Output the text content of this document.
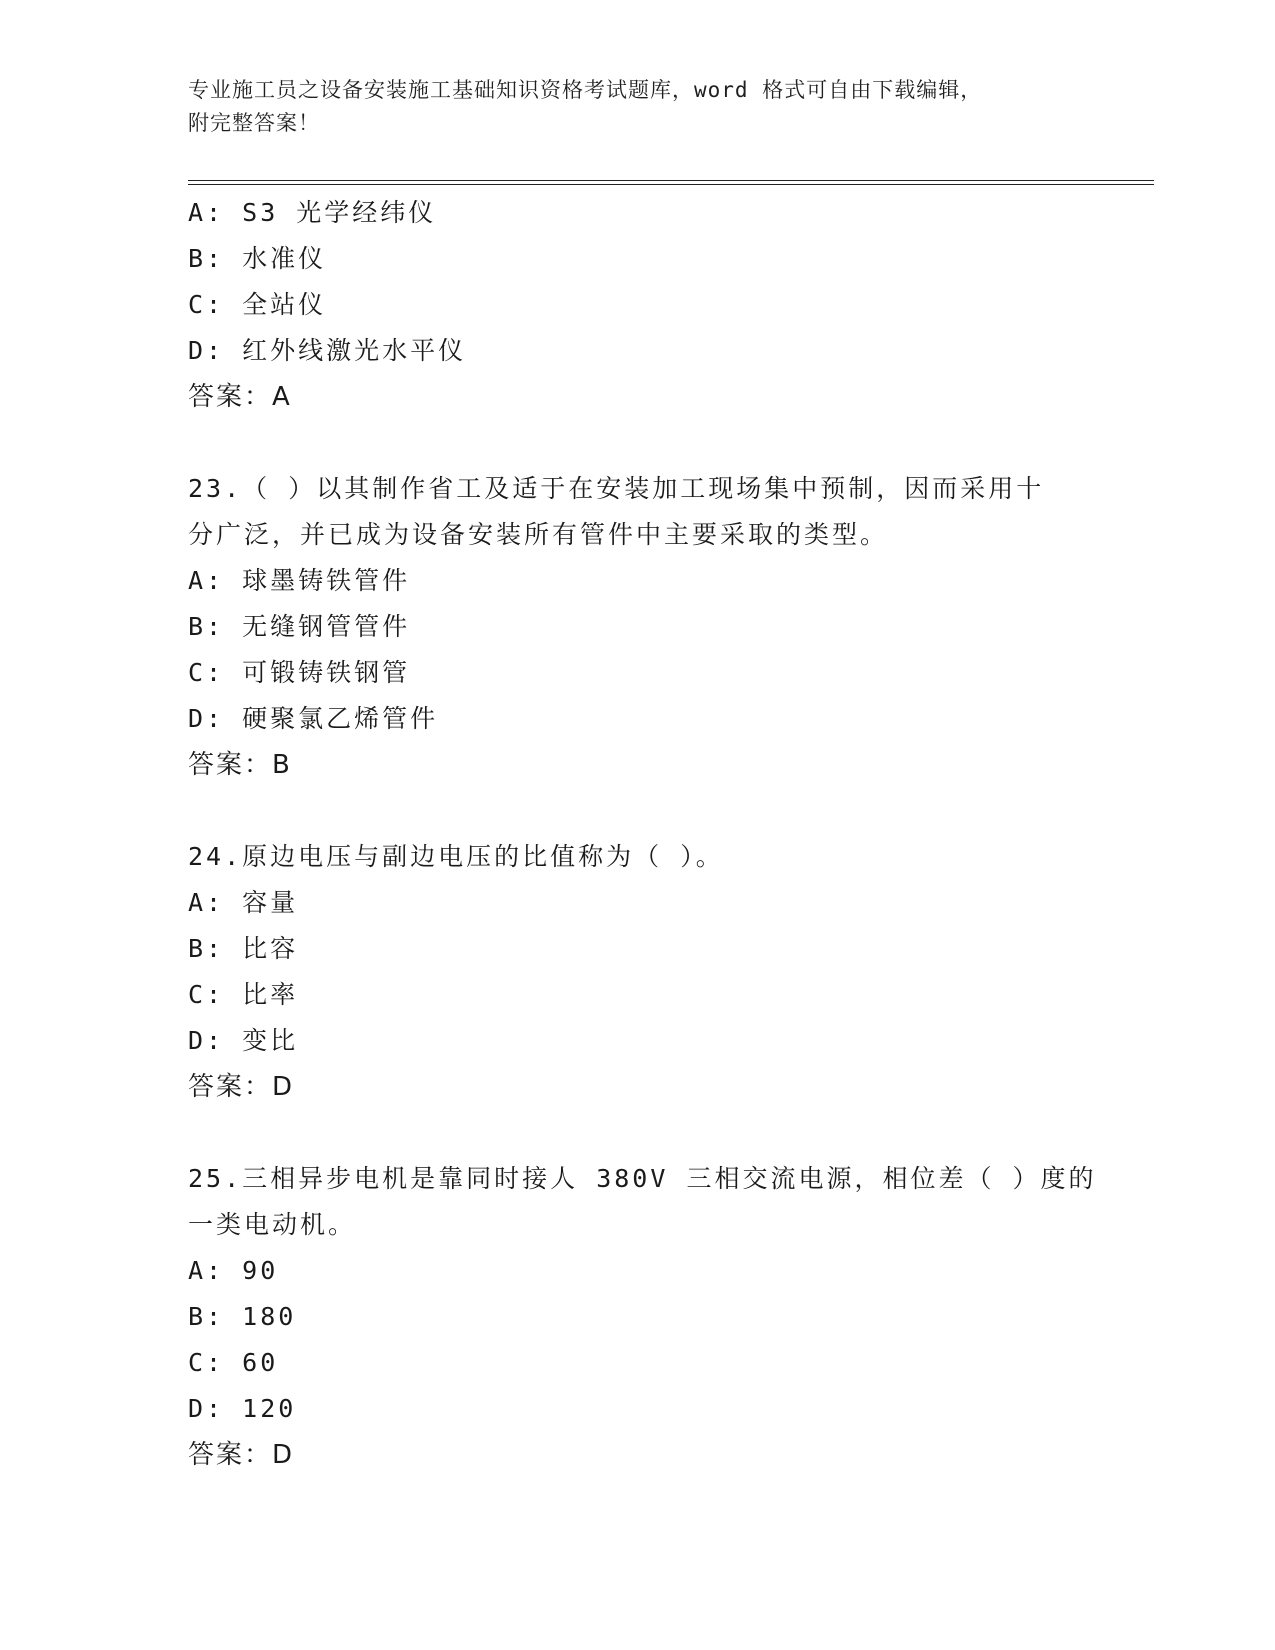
专业施工员之设备安装施工基础知识资格考试题库，word 格式可自由下载编辑，
附完整答案！
A: S3 光学经纬仪
B: 水准仪
C: 全站仪
D: 红外线激光水平仪
答案：A
23.（ ）以其制作省工及适于在安装加工现场集中预制，因而采用十
分广泛，并已成为设备安装所有管件中主要采取的类型。
A: 球墨铸铁管件
B: 无缝钢管管件
C: 可锻铸铁钢管
D: 硬聚氯乙烯管件
答案：B
24.原边电压与副边电压的比值称为（ ）。
A: 容量
B: 比容
C: 比率
D: 变比
答案：D
25.三相异步电机是靠同时接人 380V 三相交流电源，相位差（ ）度的
一类电动机。
A: 90
B: 180
C: 60
D: 120
答案：D
